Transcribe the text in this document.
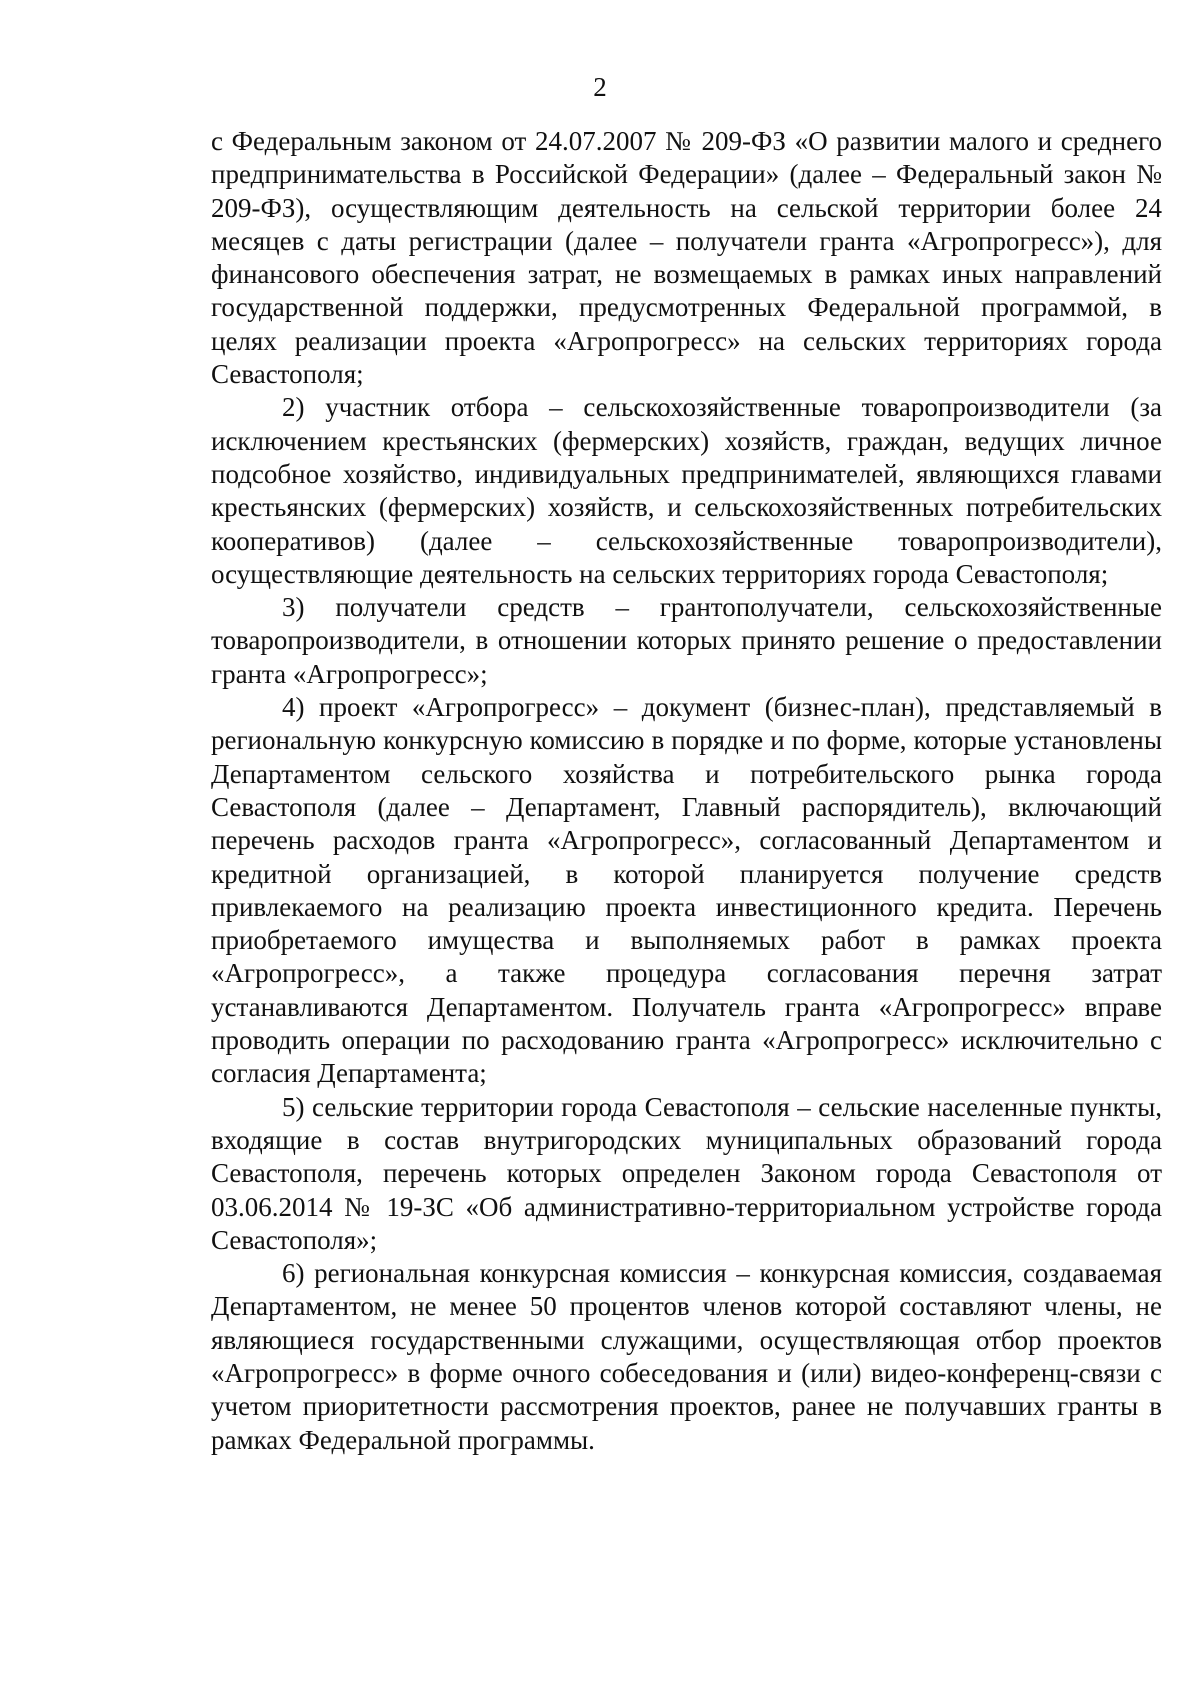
2

с Федеральным законом от 24.07.2007 № 209-ФЗ «О развитии малого и среднего предпринимательства в Российской Федерации» (далее – Федеральный закон № 209-ФЗ), осуществляющим деятельность на сельской территории более 24 месяцев с даты регистрации (далее – получатели гранта «Агропрогресс»), для финансового обеспечения затрат, не возмещаемых в рамках иных направлений государственной поддержки, предусмотренных Федеральной программой, в целях реализации проекта «Агропрогресс» на сельских территориях города Севастополя;

2) участник отбора – сельскохозяйственные товаропроизводители (за исключением крестьянских (фермерских) хозяйств, граждан, ведущих личное подсобное хозяйство, индивидуальных предпринимателей, являющихся главами крестьянских (фермерских) хозяйств, и сельскохозяйственных потребительских кооперативов) (далее – сельскохозяйственные товаропроизводители), осуществляющие деятельность на сельских территориях города Севастополя;

3) получатели средств – грантополучатели, сельскохозяйственные товаропроизводители, в отношении которых принято решение о предоставлении гранта «Агропрогресс»;

4) проект «Агропрогресс» – документ (бизнес-план), представляемый в региональную конкурсную комиссию в порядке и по форме, которые установлены Департаментом сельского хозяйства и потребительского рынка города Севастополя (далее – Департамент, Главный распорядитель), включающий перечень расходов гранта «Агропрогресс», согласованный Департаментом и кредитной организацией, в которой планируется получение средств привлекаемого на реализацию проекта инвестиционного кредита. Перечень приобретаемого имущества и выполняемых работ в рамках проекта «Агропрогресс», а также процедура согласования перечня затрат устанавливаются Департаментом. Получатель гранта «Агропрогресс» вправе проводить операции по расходованию гранта «Агропрогресс» исключительно с согласия Департамента;

5) сельские территории города Севастополя – сельские населенные пункты, входящие в состав внутригородских муниципальных образований города Севастополя, перечень которых определен Законом города Севастополя от 03.06.2014 № 19-ЗС «Об административно-территориальном устройстве города Севастополя»;

6) региональная конкурсная комиссия – конкурсная комиссия, создаваемая Департаментом, не менее 50 процентов членов которой составляют члены, не являющиеся государственными служащими, осуществляющая отбор проектов «Агропрогресс» в форме очного собеседования и (или) видео-конференц-связи с учетом приоритетности рассмотрения проектов, ранее не получавших гранты в рамках Федеральной программы.
